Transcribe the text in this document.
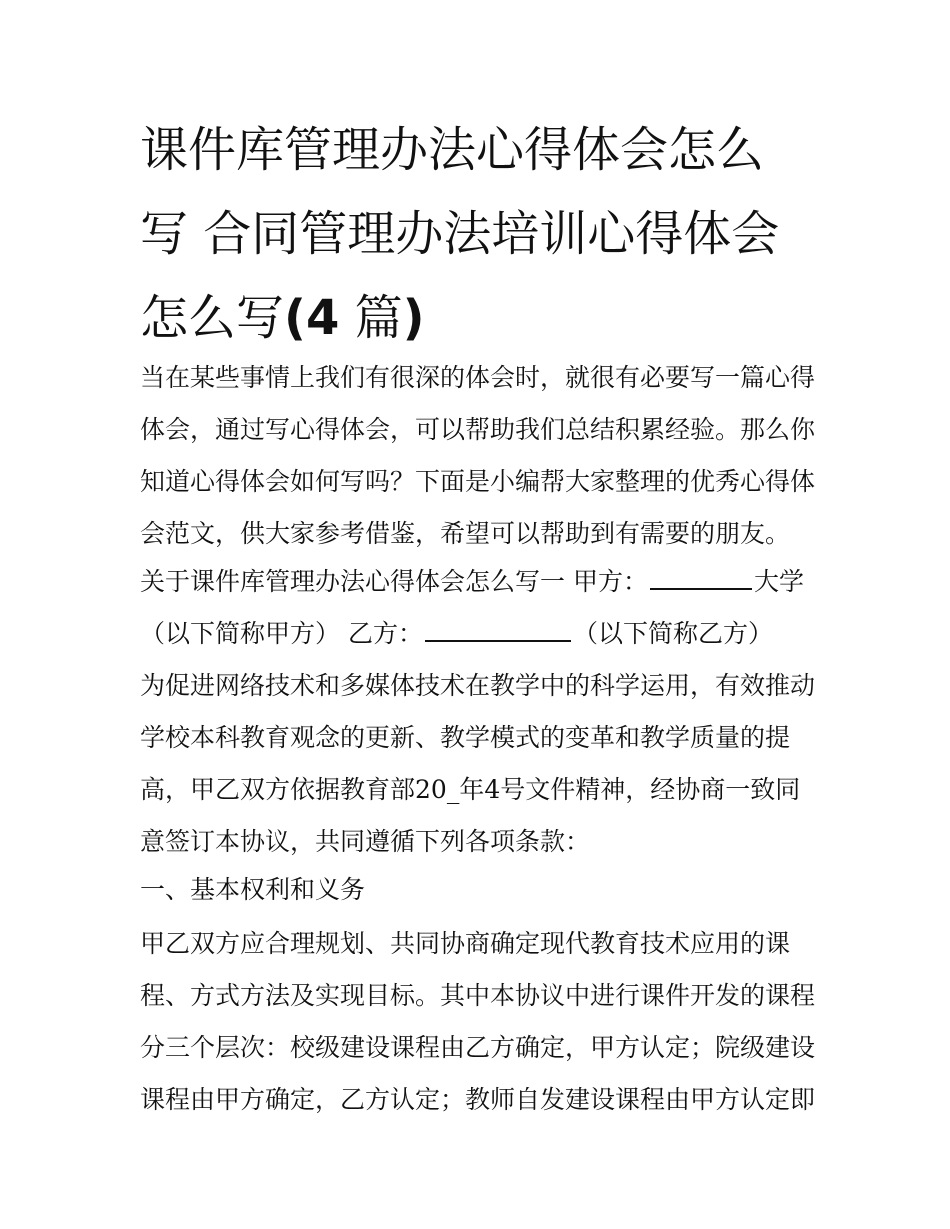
课件库管理办法心得体会怎么
写 合同管理办法培训心得体会
怎么写(4 篇)
当在某些事情上我们有很深的体会时，就很有必要写一篇心得
体会，通过写心得体会，可以帮助我们总结积累经验。那么你
知道心得体会如何写吗？下面是小编帮大家整理的优秀心得体
会范文，供大家参考借鉴，希望可以帮助到有需要的朋友。
关于课件库管理办法心得体会怎么写一 甲方：	大学
（以下简称甲方） 乙方：	（以下简称乙方）
为促进网络技术和多媒体技术在教学中的科学运用，有效推动
学校本科教育观念的更新、教学模式的变革和教学质量的提
高，甲乙双方依据教育部20_年4号文件精神，经协商一致同
意签订本协议，共同遵循下列各项条款：
一、基本权利和义务
甲乙双方应合理规划、共同协商确定现代教育技术应用的课
程、方式方法及实现目标。其中本协议中进行课件开发的课程
分三个层次：校级建设课程由乙方确定，甲方认定；院级建设
课程由甲方确定，乙方认定；教师自发建设课程由甲方认定即
